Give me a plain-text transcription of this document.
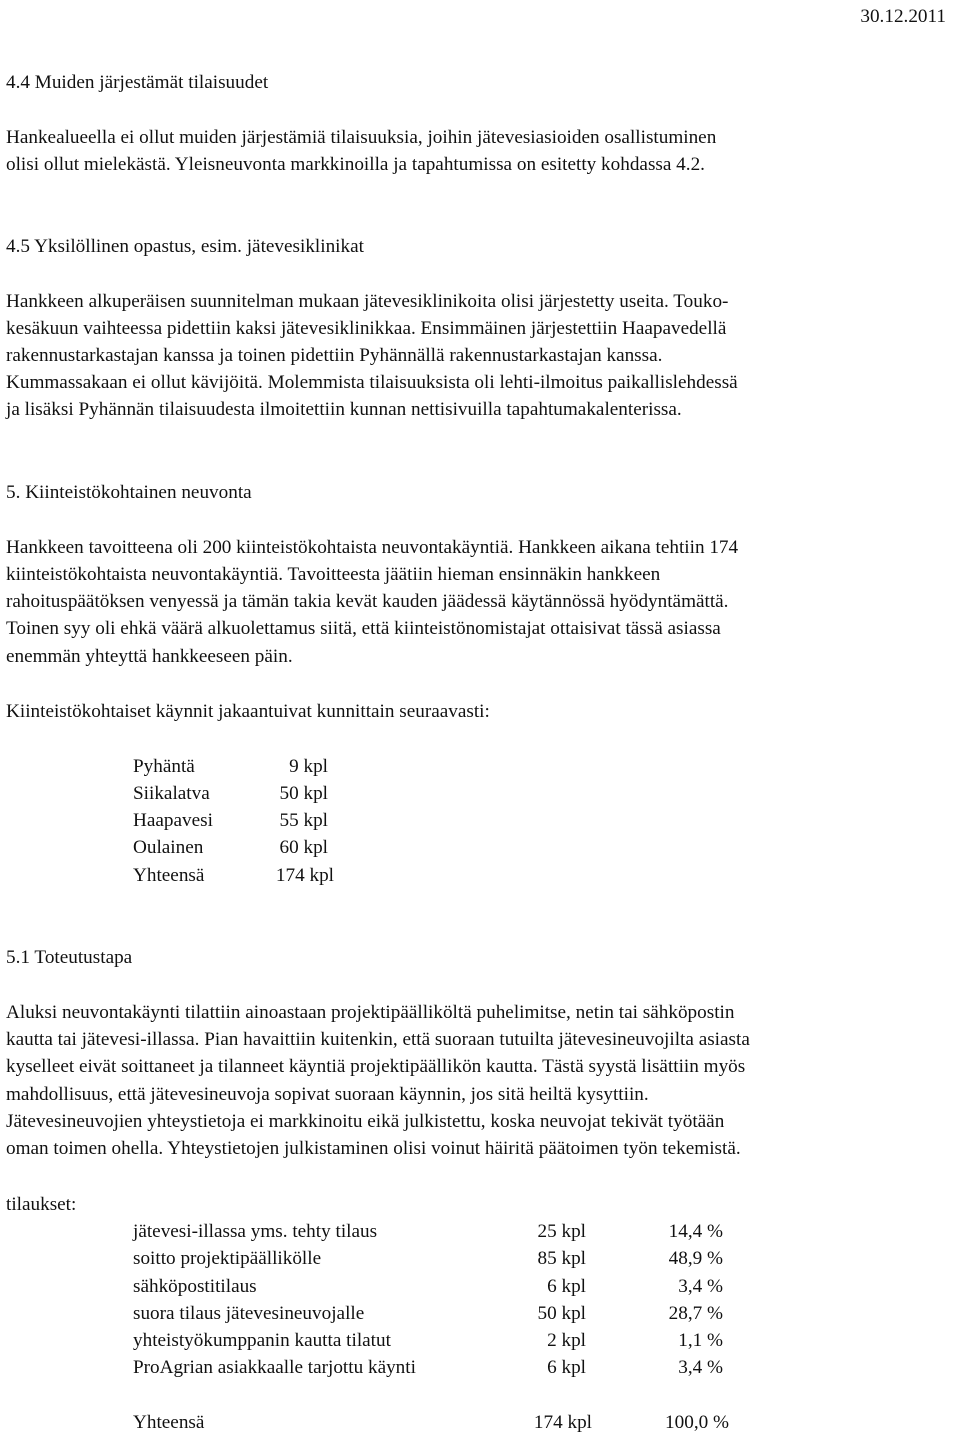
30.12.2011
4.4 Muiden järjestämät tilaisuudet
Hankealueella ei ollut muiden järjestämiä tilaisuuksia, joihin jätevesiasioiden osallistuminen
olisi ollut mielekästä. Yleisneuvonta markkinoilla ja tapahtumissa on esitetty kohdassa 4.2.
4.5 Yksilöllinen opastus, esim. jätevesiklinikat
Hankkeen alkuperäisen suunnitelman mukaan jätevesiklinikoita olisi järjestetty useita. Touko-
kesäkuun vaihteessa pidettiin kaksi jätevesiklinikkaa. Ensimmäinen järjestettiin Haapavedellä
rakennustarkastajan kanssa ja toinen pidettiin Pyhännällä rakennustarkastajan kanssa.
Kummassakaan ei ollut kävijöitä. Molemmista tilaisuuksista oli lehti-ilmoitus paikallislehdessä
ja lisäksi Pyhännän tilaisuudesta ilmoitettiin kunnan nettisivuilla tapahtumakalenterissa.
5. Kiinteistökohtainen neuvonta
Hankkeen tavoitteena oli 200 kiinteistökohtaista neuvontakäyntiä. Hankkeen aikana tehtiin 174
kiinteistökohtaista neuvontakäyntiä. Tavoitteesta jäätiin hieman ensinnäkin hankkeen
rahoituspäätöksen venyessä ja tämän takia kevät kauden jäädessä käytännössä hyödyntämättä.
Toinen syy oli ehkä väärä alkuolettamus siitä, että kiinteistönomistajat ottaisivat tässä asiassa
enemmän yhteyttä hankkeeseen päin.
Kiinteistökohtaiset käynnit jakaantuivat kunnittain seuraavasti:
Pyhäntä	9 kpl
Siikalatva	50 kpl
Haapavesi	55 kpl
Oulainen	60 kpl
Yhteensä	174 kpl
5.1 Toteutustapa
Aluksi neuvontakäynti tilattiin ainoastaan projektipäälliköltä puhelimitse, netin tai sähköpostin
kautta tai jätevesi-illassa. Pian havaittiin kuitenkin, että suoraan tutuilta jätevesineuvojilta asiasta
kyselleet eivät soittaneet ja tilanneet käyntiä projektipäällikön kautta. Tästä syystä lisättiin myös
mahdollisuus, että jätevesineuvoja sopivat suoraan käynnin, jos sitä heiltä kysyttiin.
Jätevesineuvojien yhteystietoja ei markkinoitu eikä julkistettu, koska neuvojat tekivät työtään
oman toimen ohella. Yhteystietojen julkistaminen olisi voinut häiritä päätoimen työn tekemistä.
tilaukset:
jätevesi-illassa yms. tehty tilaus	25 kpl	14,4 %
soitto projektipäällikölle	85 kpl	48,9 %
sähköpostitilaus	6 kpl	3,4 %
suora tilaus jätevesineuvojalle	50 kpl	28,7 %
yhteistyökumppanin kautta tilatut	2 kpl	1,1 %
ProAgrian asiakkaalle tarjottu käynti	6 kpl	3,4 %
Yhteensä	174 kpl	100,0 %
